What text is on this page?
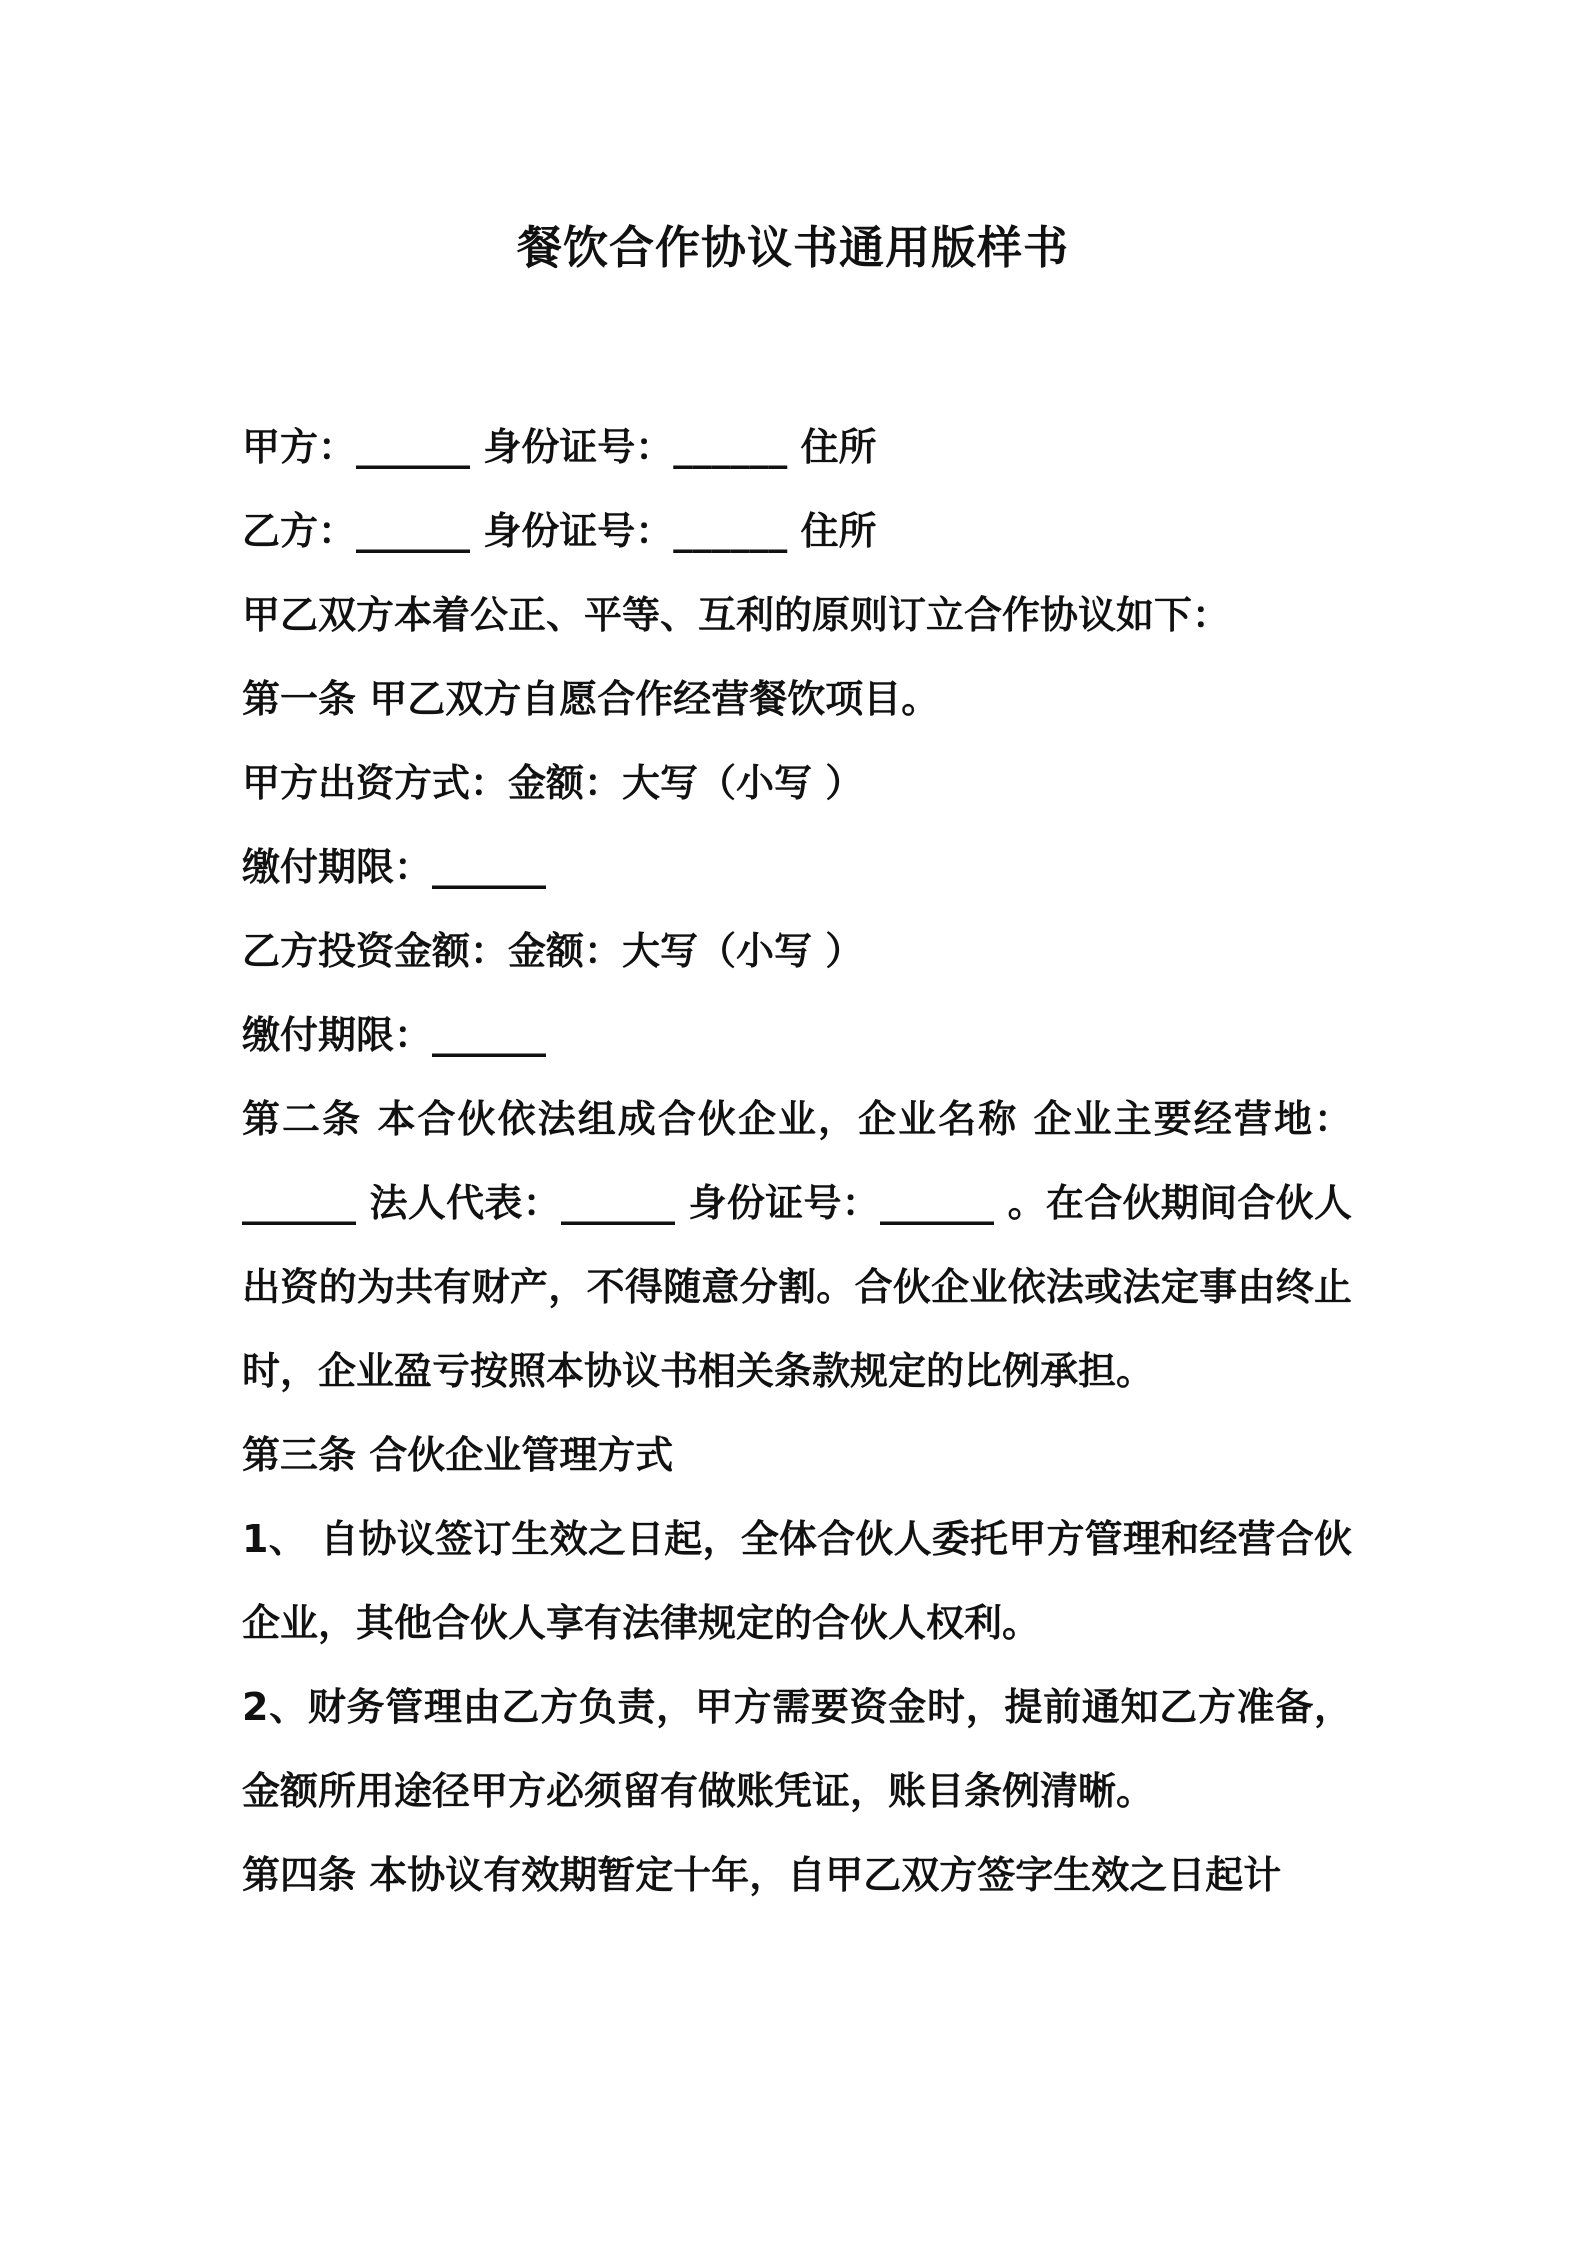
餐饮合作协议书通用版样书
甲方：______ 身份证号：______ 住所
乙方：______ 身份证号：______ 住所
甲乙双方本着公正、平等、互利的原则订立合作协议如下：
第一条 甲乙双方自愿合作经营餐饮项目。
甲方出资方式：金额：大写（小写 ）
缴付期限：______
乙方投资金额：金额：大写（小写 ）
缴付期限：______
第二条 本合伙依法组成合伙企业，企业名称 企业主要经营地：______ 法人代表：______ 身份证号：______ 。在合伙期间合伙人出资的为共有财产，不得随意分割。合伙企业依法或法定事由终止时，企业盈亏按照本协议书相关条款规定的比例承担。
第三条 合伙企业管理方式
1、 自协议签订生效之日起，全体合伙人委托甲方管理和经营合伙企业，其他合伙人享有法律规定的合伙人权利。
2、财务管理由乙方负责，甲方需要资金时，提前通知乙方准备，金额所用途径甲方必须留有做账凭证，账目条例清晰。
第四条 本协议有效期暂定十年，自甲乙双方签字生效之日起计
